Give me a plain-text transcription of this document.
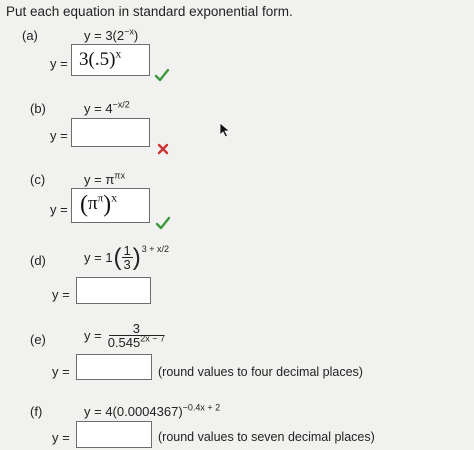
Put each equation in standard exponential form.
(a)	$y = 3(2^{-x})$
$y = 3(.5)^x$
(b)	$y = 4^{-x/2}$
y =
(c)	$y = \pi^{\pi x}$
$y = (\pi^\pi)^x$
(d)	y = 1 ( $\frac{1}{3}$ ) 3 + x/2
y =
(e)	$y = \frac{3}{0.545^{2x - 7}}$
y =	(round values to four decimal places)
(f)	$y = 4(0.0004367)^{-0.4x + 2}$
y =	(round values to seven decimal places)
